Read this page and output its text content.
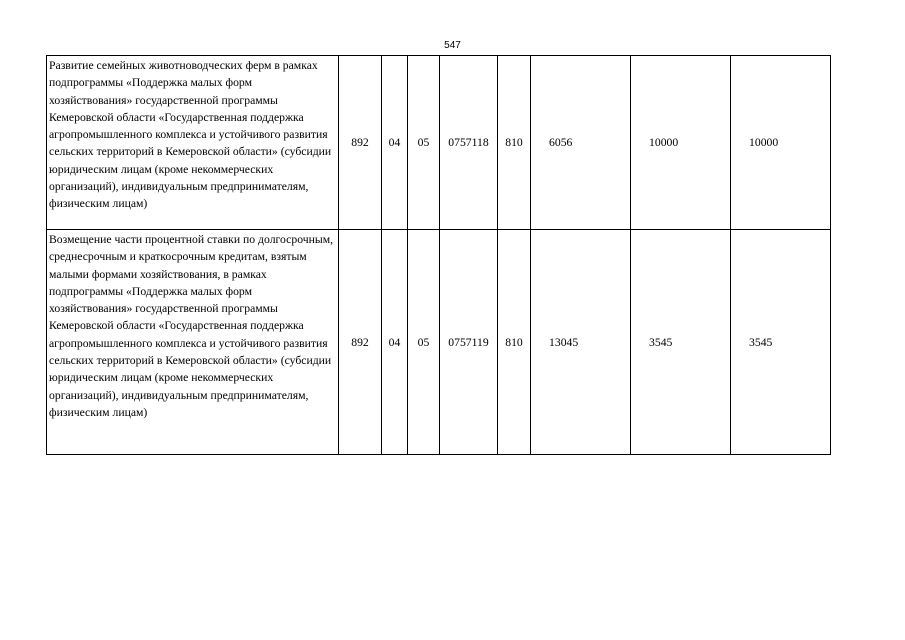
547
Развитие семейных животноводческих ферм в рамках подпрограммы «Поддержка малых форм хозяйствования» государственной программы Кемеровской области «Государственная поддержка агропромышленного комплекса и устойчивого развития сельских территорий в Кемеровской области» (субсидии юридическим лицам (кроме некоммерческих организаций), индивидуальным предпринимателям, физическим лицам)	892	04	05	0757118	810	6056	10000	10000
Возмещение части процентной ставки по долгосрочным, среднесрочным и краткосрочным кредитам, взятым малыми формами хозяйствования, в рамках подпрограммы «Поддержка малых форм хозяйствования» государственной программы Кемеровской области «Государственная поддержка агропромышленного комплекса и устойчивого развития сельских территорий в Кемеровской области» (субсидии юридическим лицам (кроме некоммерческих организаций), индивидуальным предпринимателям, физическим лицам)	892	04	05	0757119	810	13045	3545	3545
